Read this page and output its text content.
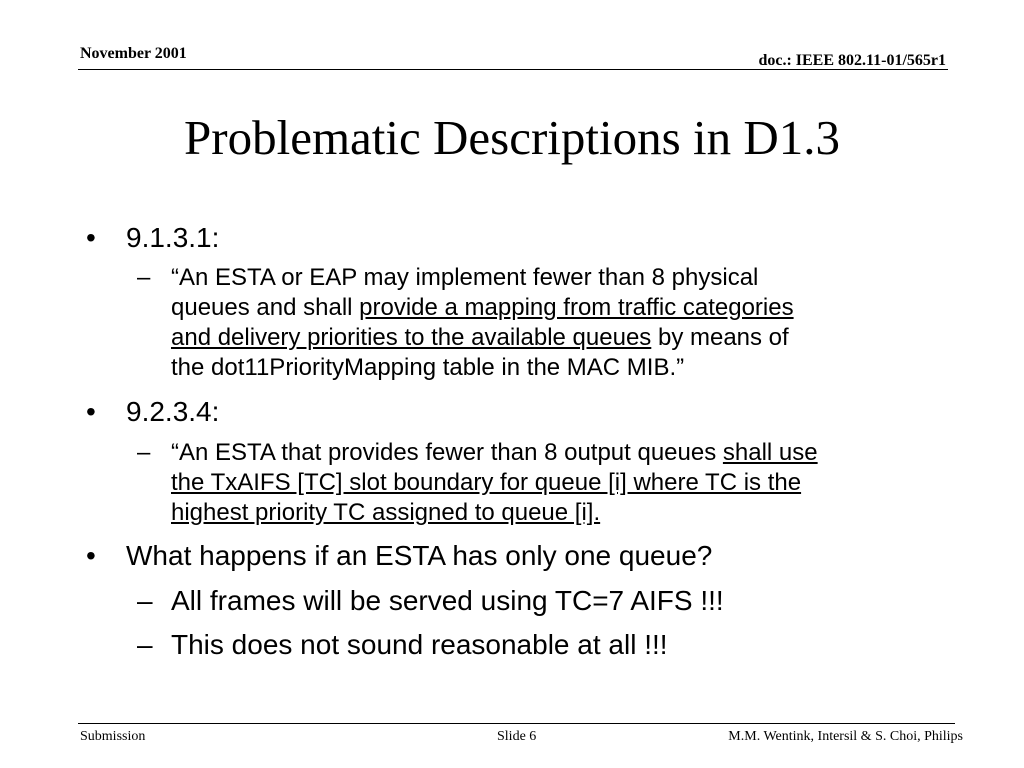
November 2001	doc.: IEEE 802.11-01/565r1
Problematic Descriptions in D1.3
• 9.1.3.1:
– “An ESTA or EAP may implement fewer than 8 physical
queues and shall provide a mapping from traffic categories
and delivery priorities to the available queues by means of
the dot11PriorityMapping table in the MAC MIB.”
• 9.2.3.4:
– “An ESTA that provides fewer than 8 output queues shall use
the TxAIFS [TC] slot boundary for queue [i] where TC is the
highest priority TC assigned to queue [i].
• What happens if an ESTA has only one queue?
– All frames will be served using TC=7 AIFS !!!
– This does not sound reasonable at all !!!
Submission	Slide 6	M.M. Wentink, Intersil & S. Choi, Philips
